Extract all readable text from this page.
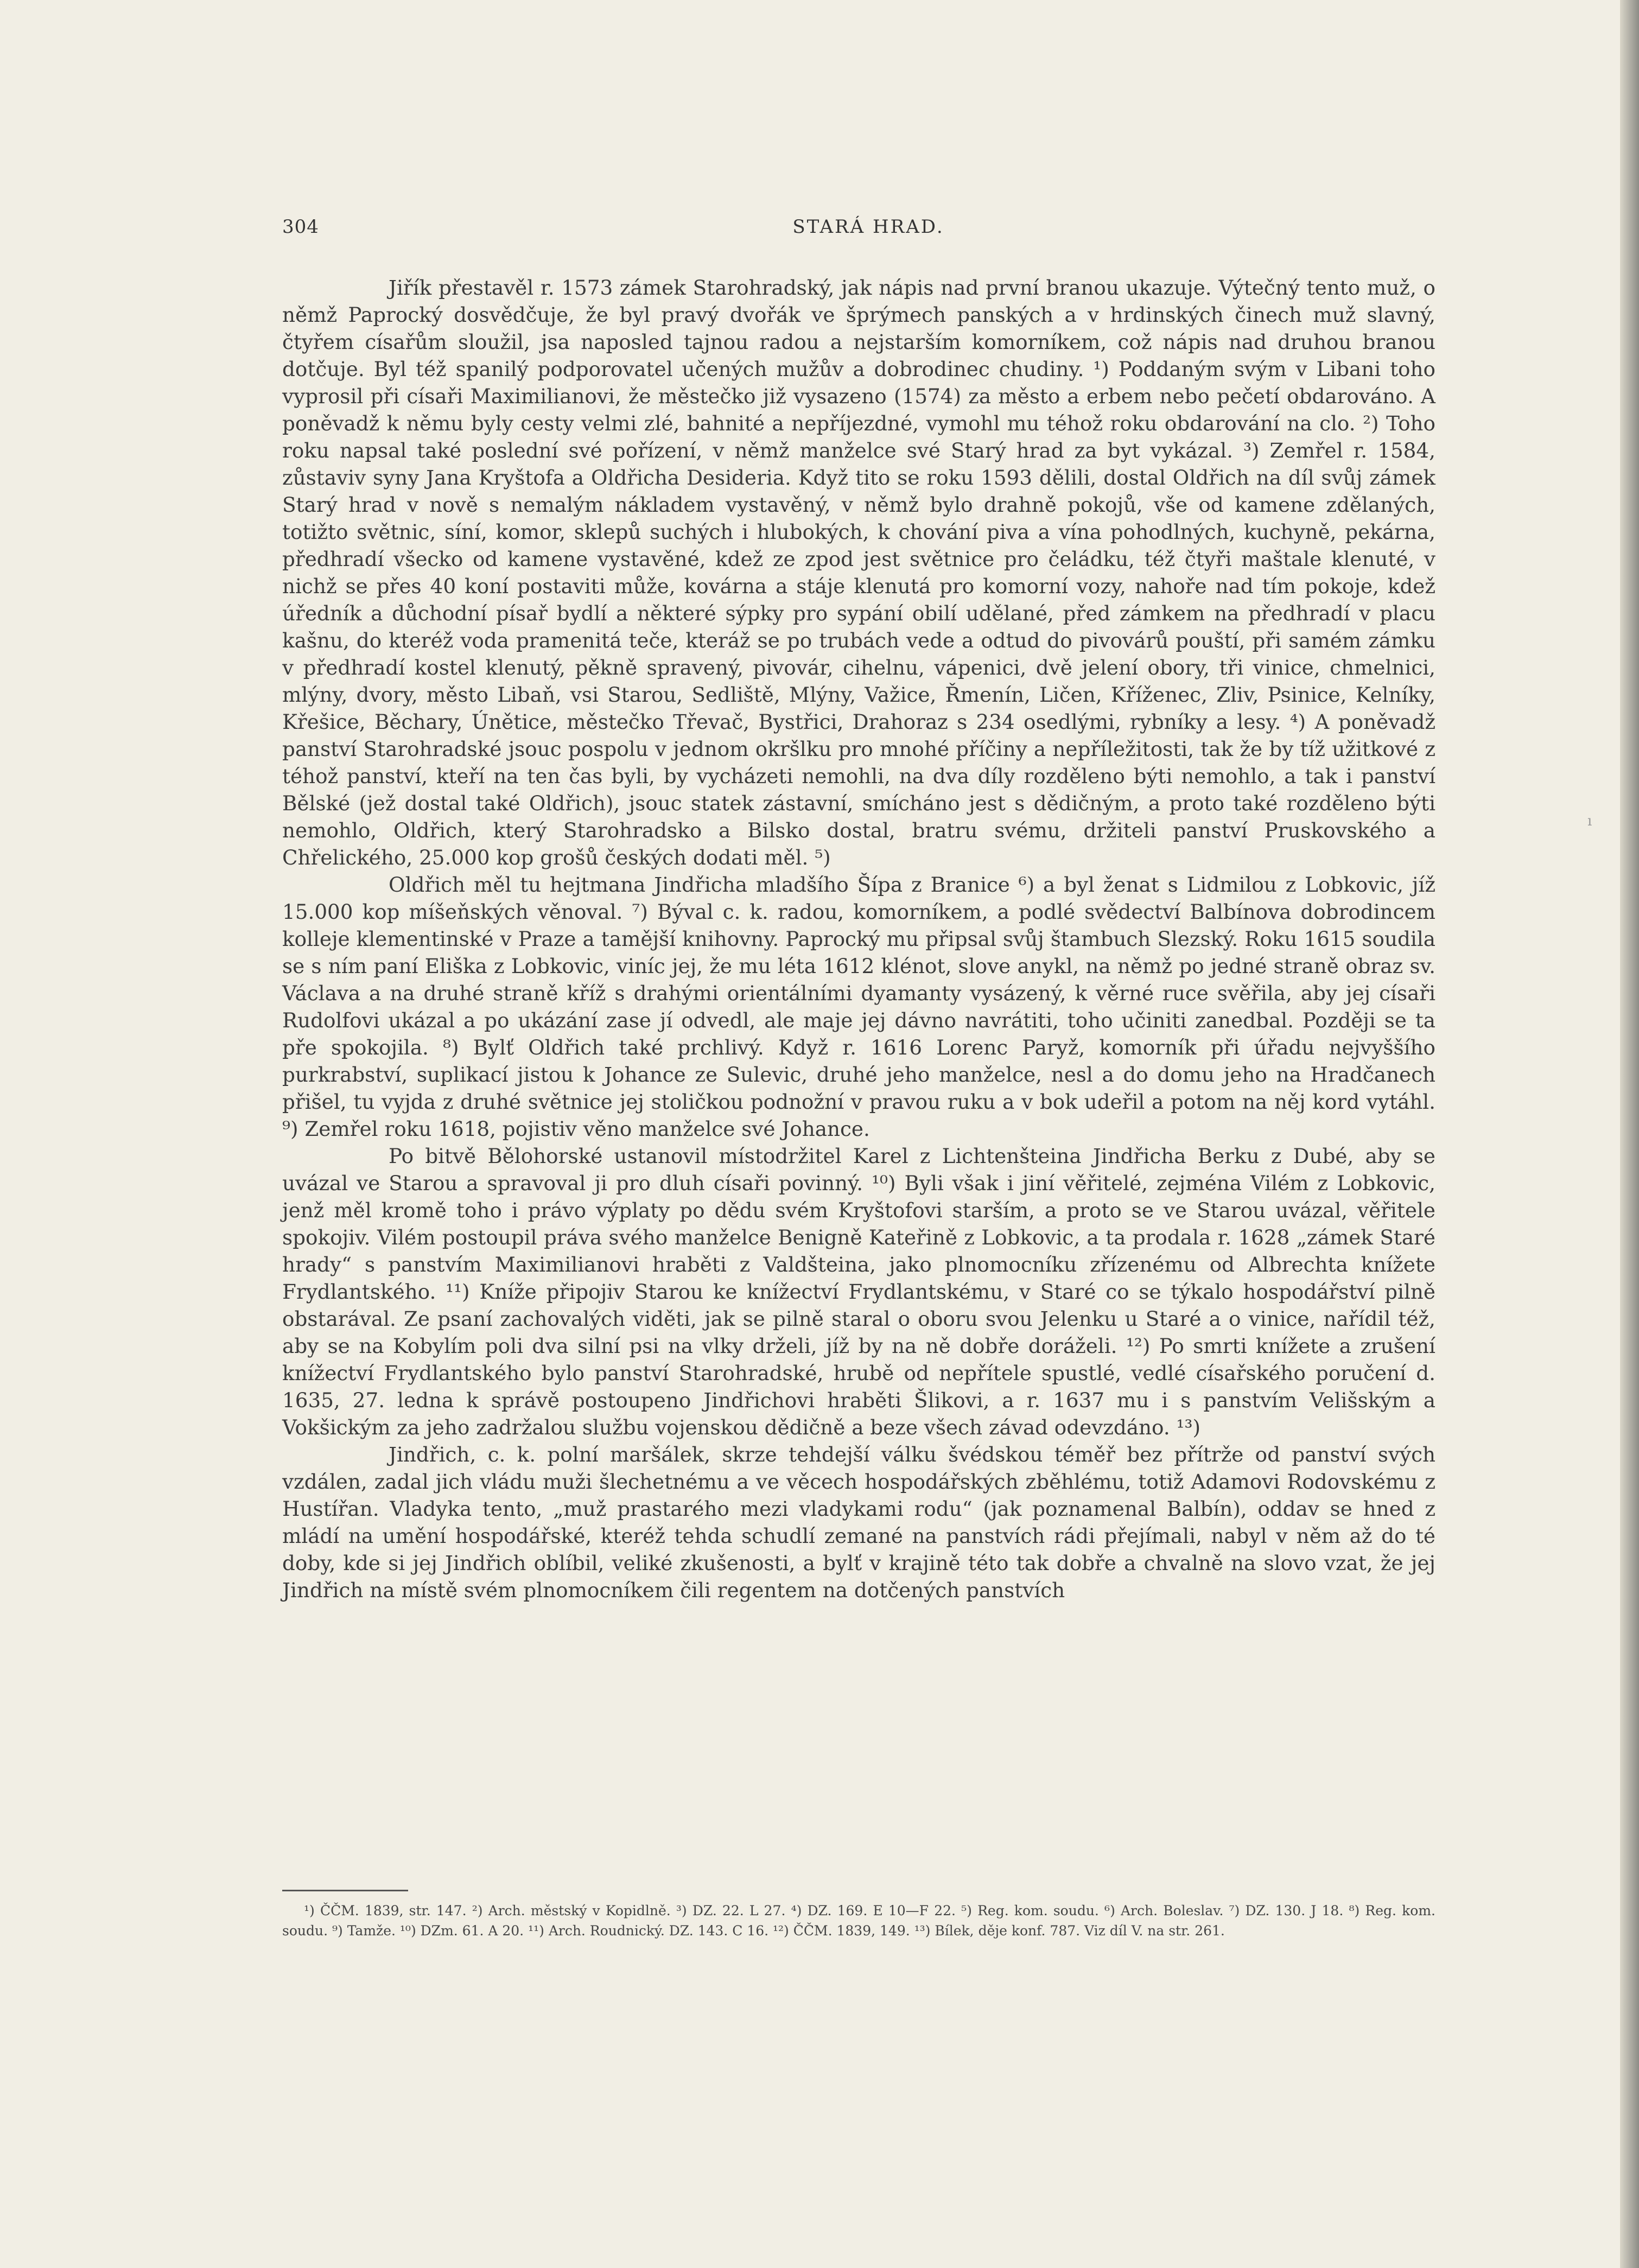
304	STARÁ HRAD.

Jiřík přestavěl r. 1573 zámek Starohradský, jak nápis nad první branou ukazuje. Výtečný tento muž, o němž Paprocký dosvědčuje, že byl pravý dvořák ve šprýmech panských a v hrdinských činech muž slavný, čtyřem císařům sloužil, jsa naposled tajnou radou a nejstarším komorníkem, což nápis nad druhou branou dotčuje. Byl též spanilý podporovatel učených mužův a dobrodinec chudiny. ¹) Poddaným svým v Libani toho vyprosil při císaři Maximilianovi, že městečko již vysazeno (1574) za město a erbem nebo pečetí obdarováno. A poněvadž k němu byly cesty velmi zlé, bahnité a nepříjezdné, vymohl mu téhož roku obdarování na clo. ²) Toho roku napsal také poslední své pořízení, v němž manželce své Starý hrad za byt vykázal. ³) Zemřel r. 1584, zůstaviv syny Jana Kryštofa a Oldřicha Desideria. Když tito se roku 1593 dělili, dostal Oldřich na díl svůj zámek Starý hrad v nově s nemalým nákladem vystavěný, v němž bylo drahně pokojů, vše od kamene zdělaných, totižto světnic, síní, komor, sklepů suchých i hlubokých, k chování piva a vína pohodlných, kuchyně, pekárna, předhradí všecko od kamene vystavěné, kdež ze zpod jest světnice pro čeládku, též čtyři maštale klenuté, v nichž se přes 40 koní postaviti může, kovárna a stáje klenutá pro komorní vozy, nahoře nad tím pokoje, kdež úředník a důchodní písař bydlí a některé sýpky pro sypání obilí udělané, před zámkem na předhradí v placu kašnu, do kteréž voda pramenitá teče, kteráž se po trubách vede a odtud do pivovárů pouští, při samém zámku v předhradí kostel klenutý, pěkně spravený, pivovár, cihelnu, vápenici, dvě jelení obory, tři vinice, chmelnici, mlýny, dvory, město Libaň, vsi Starou, Sedliště, Mlýny, Važice, Řmenín, Ličen, Kříženec, Zliv, Psinice, Kelníky, Křešice, Běchary, Únětice, městečko Třevač, Bystřici, Drahoraz s 234 osedlými, rybníky a lesy. ⁴) A poněvadž panství Starohradské jsouc pospolu v jednom okršlku pro mnohé příčiny a nepříležitosti, tak že by tíž užitkové z téhož panství, kteří na ten čas byli, by vycházeti nemohli, na dva díly rozděleno býti nemohlo, a tak i panství Bělské (jež dostal také Oldřich), jsouc statek zástavní, smícháno jest s dědičným, a proto také rozděleno býti nemohlo, Oldřich, který Starohradsko a Bilsko dostal, bratru svému, držiteli panství Pruskovského a Chřelického, 25.000 kop grošů českých dodati měl. ⁵)

Oldřich měl tu hejtmana Jindřicha mladšího Šípa z Branice ⁶) a byl ženat s Lidmilou z Lobkovic, jíž 15.000 kop míšeňských věnoval. ⁷) Býval c. k. radou, komorníkem, a podlé svědectví Balbínova dobrodincem kolleje klementinské v Praze a tamější knihovny. Paprocký mu připsal svůj štambuch Slezský. Roku 1615 soudila se s ním paní Eliška z Lobkovic, viníc jej, že mu léta 1612 klénot, slove anykl, na němž po jedné straně obraz sv. Václava a na druhé straně kříž s drahými orientálními dyamanty vysázený, k věrné ruce svěřila, aby jej císaři Rudolfovi ukázal a po ukázání zase jí odvedl, ale maje jej dávno navrátiti, toho učiniti zanedbal. Později se ta pře spokojila. ⁸) Bylť Oldřich také prchlivý. Když r. 1616 Lorenc Paryž, komorník při úřadu nejvyššího purkrabství, suplikací jistou k Johance ze Sulevic, druhé jeho manželce, nesl a do domu jeho na Hradčanech přišel, tu vyjda z druhé světnice jej stoličkou podnožní v pravou ruku a v bok udeřil a potom na něj kord vytáhl. ⁹) Zemřel roku 1618, pojistiv věno manželce své Johance.

Po bitvě Bělohorské ustanovil místodržitel Karel z Lichtenšteina Jindřicha Berku z Dubé, aby se uvázal ve Starou a spravoval ji pro dluh císaři povinný. ¹⁰) Byli však i jiní věřitelé, zejména Vilém z Lobkovic, jenž měl kromě toho i právo výplaty po dědu svém Kryštofovi starším, a proto se ve Starou uvázal, věřitele spokojiv. Vilém postoupil práva svého manželce Benigně Kateřině z Lobkovic, a ta prodala r. 1628 „zámek Staré hrady“ s panstvím Maximilianovi hraběti z Valdšteina, jako plnomocníku zřízenému od Albrechta knížete Frydlantského. ¹¹) Kníže připojiv Starou ke knížectví Frydlantskému, v Staré co se týkalo hospodářství pilně obstarával. Ze psaní zachovalých viděti, jak se pilně staral o oboru svou Jelenku u Staré a o vinice, nařídil též, aby se na Kobylím poli dva silní psi na vlky drželi, jíž by na ně dobře doráželi. ¹²) Po smrti knížete a zrušení knížectví Frydlantského bylo panství Starohradské, hrubě od nepřítele spustlé, vedlé císařského poručení d. 1635, 27. ledna k správě postoupeno Jindřichovi hraběti Šlikovi, a r. 1637 mu i s panstvím Velišským a Vokšickým za jeho zadržalou službu vojenskou dědičně a beze všech závad odevzdáno. ¹³)

Jindřich, c. k. polní maršálek, skrze tehdejší válku švédskou téměř bez přítrže od panství svých vzdálen, zadal jich vládu muži šlechetnému a ve věcech hospodářských zběhlému, totiž Adamovi Rodovskému z Hustířan. Vladyka tento, „muž prastarého mezi vladykami rodu“ (jak poznamenal Balbín), oddav se hned z mládí na umění hospodářské, kteréž tehda schudlí zemané na panstvích rádi přejímali, nabyl v něm až do té doby, kde si jej Jindřich oblíbil, veliké zkušenosti, a bylť v krajině této tak dobře a chvalně na slovo vzat, že jej Jindřich na místě svém plnomocníkem čili regentem na dotčených panstvích

¹) ČČM. 1839, str. 147. ²) Arch. městský v Kopidlně. ³) DZ. 22. L 27. ⁴) DZ. 169. E 10—F 22. ⁵) Reg. kom. soudu. ⁶) Arch. Boleslav. ⁷) DZ. 130. J 18. ⁸) Reg. kom. soudu. ⁹) Tamže. ¹⁰) DZm. 61. A 20. ¹¹) Arch. Roudnický. DZ. 143. C 16. ¹²) ČČM. 1839, 149. ¹³) Bílek, děje konf. 787. Viz díl V. na str. 261.
ı
